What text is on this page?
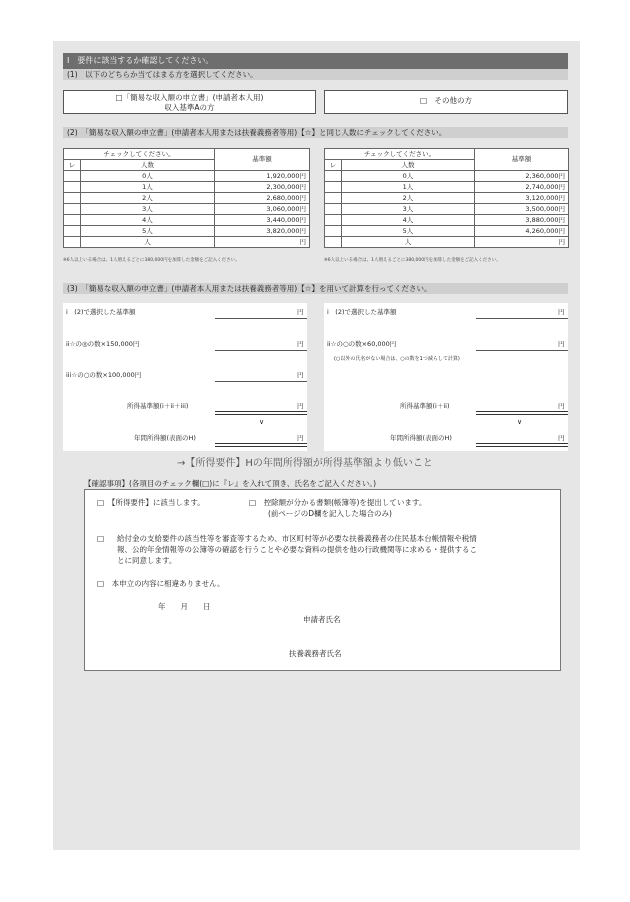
Ⅰ　要件に該当するか確認してください。
(1)　以下のどちらか当てはまる方を選択してください。
□「簡易な収入額の申立書」(申請者本人用)
収入基準Aの方
□　その他の方
(2)　「簡易な収入額の申立書」(申請者本人用または扶養義務者等用)【☆】と同じ人数にチェックしてください。
チェックしてください。		基準額
レ	人数	
	0人	1,920,000円
	1人	2,300,000円
	2人	2,680,000円
	3人	3,060,000円
	4人	3,440,000円
	5人	3,820,000円
	人	円
※6人以上いる場合は、1人増えるごとに380,000円を加算した金額をご記入ください。
チェックしてください。		基準額
レ	人数	
	0人	2,360,000円
	1人	2,740,000円
	2人	3,120,000円
	3人	3,500,000円
	4人	3,880,000円
	5人	4,260,000円
	人	円
※6人以上いる場合は、1人増えるごとに380,000円を加算した金額をご記入ください。
(3)　「簡易な収入額の申立書」(申請者本人用または扶養義務者等用)【☆】を用いて計算を行ってください。
i　(2)で選択した基準額	円
ii☆の◎の数×150,000円	円
iii☆の○の数×100,000円	円
所得基準額(i＋ii＋iii)	円
∨
年間所得額(表面のH)	円
i　(2)で選択した基準額	円
ii☆の○の数×60,000円	円
(○以外の氏名がない場合は、○の数を1つ減らして計算)
所得基準額(i＋ii)	円
∨
年間所得額(表面のH)	円
→【所得要件】Hの年間所得額が所得基準額より低いこと
【確認事項】(各項目のチェック欄(□)に『レ』を入れて頂き、氏名をご記入ください。)
□　【所得要件】に該当します。	□　控除額が分かる書類(帳簿等)を提出しています。
(前ページのD欄を記入した場合のみ)
□ 給付金の支給要件の該当性等を審査等するため、市区町村等が必要な扶養義務者の住民基本台帳情報や税情
報、公的年金情報等の公簿等の確認を行うことや必要な資料の提供を他の行政機関等に求める・提供するこ
とに同意します。
□　本申立の内容に相違ありません。
年　　月　　日
申請者氏名
扶養義務者氏名
